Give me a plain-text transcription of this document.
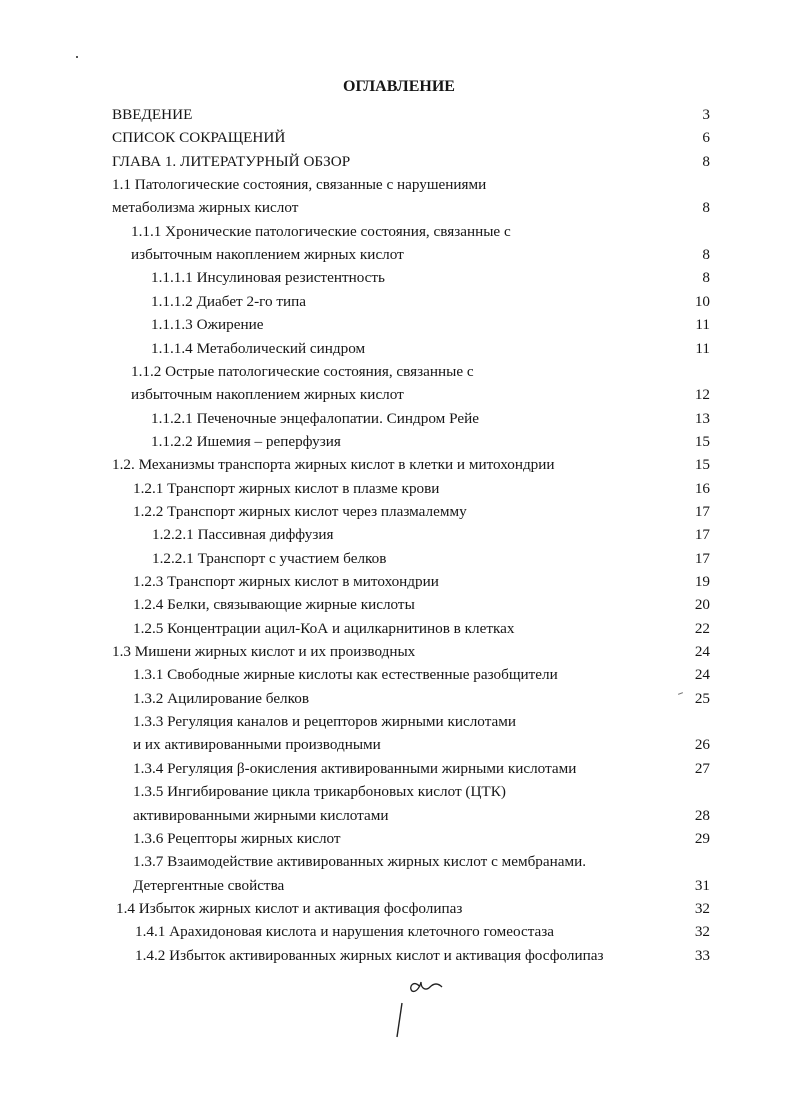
ОГЛАВЛЕНИЕ
ВВЕДЕНИЕ	3
СПИСОК СОКРАЩЕНИЙ	6
ГЛАВА 1. ЛИТЕРАТУРНЫЙ ОБЗОР	8
1.1 Патологические состояния, связанные с нарушениями
метаболизма жирных кислот	8
1.1.1 Хронические патологические состояния, связанные с
избыточным накоплением жирных кислот	8
1.1.1.1 Инсулиновая резистентность	8
1.1.1.2 Диабет 2-го типа	10
1.1.1.3 Ожирение	11
1.1.1.4 Метаболический синдром	11
1.1.2 Острые патологические состояния, связанные с
избыточным накоплением жирных кислот	12
1.1.2.1 Печеночные энцефалопатии. Синдром Рейе	13
1.1.2.2 Ишемия – реперфузия	15
1.2. Механизмы транспорта жирных кислот в клетки и митохондрии	15
1.2.1 Транспорт жирных кислот в плазме крови	16
1.2.2 Транспорт жирных кислот через плазмалемму	17
1.2.2.1 Пассивная диффузия	17
1.2.2.1 Транспорт с участием белков	17
1.2.3 Транспорт жирных кислот в митохондрии	19
1.2.4 Белки, связывающие жирные кислоты	20
1.2.5 Концентрации ацил-КоА и ацилкарнитинов в клетках	22
1.3 Мишени жирных кислот и их производных	24
1.3.1 Свободные жирные кислоты как естественные разобщители	24
1.3.2 Ацилирование белков	25
1.3.3 Регуляция каналов и рецепторов жирными кислотами
и их активированными производными	26
1.3.4 Регуляция β-окисления активированными жирными кислотами	27
1.3.5 Ингибирование цикла трикарбоновых кислот (ЦТК)
активированными жирными кислотами	28
1.3.6 Рецепторы жирных кислот	29
1.3.7 Взаимодействие активированных жирных кислот с мембранами.
Детергентные свойства	31
1.4 Избыток жирных кислот и активация фосфолипаз	32
1.4.1 Арахидоновая кислота и нарушения клеточного гомеостаза	32
1.4.2 Избыток активированных жирных кислот и активация фосфолипаз	33
